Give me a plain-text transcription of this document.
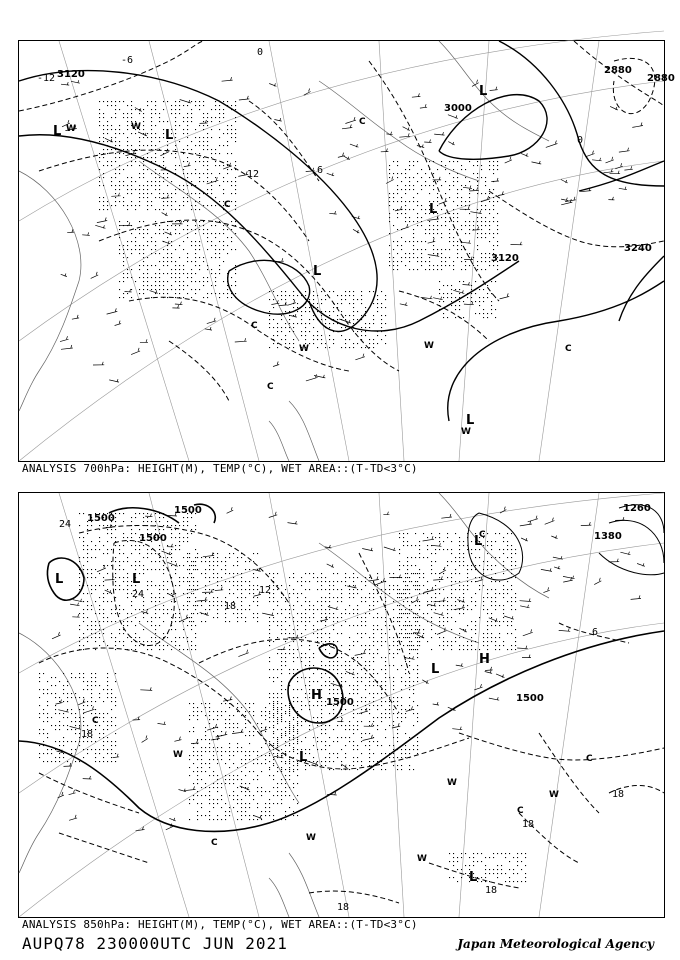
3120
3000
2880
3240
3120
2880
-12
0
-6
12	6
0
L	L
L
L
L
L
W	W
W	W
W
C
C
C
C
C
ANALYSIS 700hPa: HEIGHT(M), TEMP(°C), WET AREA::(T-TD<3°C)
1500
1500
1500
1500	1500
1380
1260
24
18
24
18
12
6
18
18
18
18
L	L
L
H
H
L
L
L
W
W
W
W
W
C
C
C
C
C
ANALYSIS 850hPa: HEIGHT(M), TEMP(°C), WET AREA::(T-TD<3°C)
AUPQ78 230000UTC JUN 2021	Japan Meteorological Agency
